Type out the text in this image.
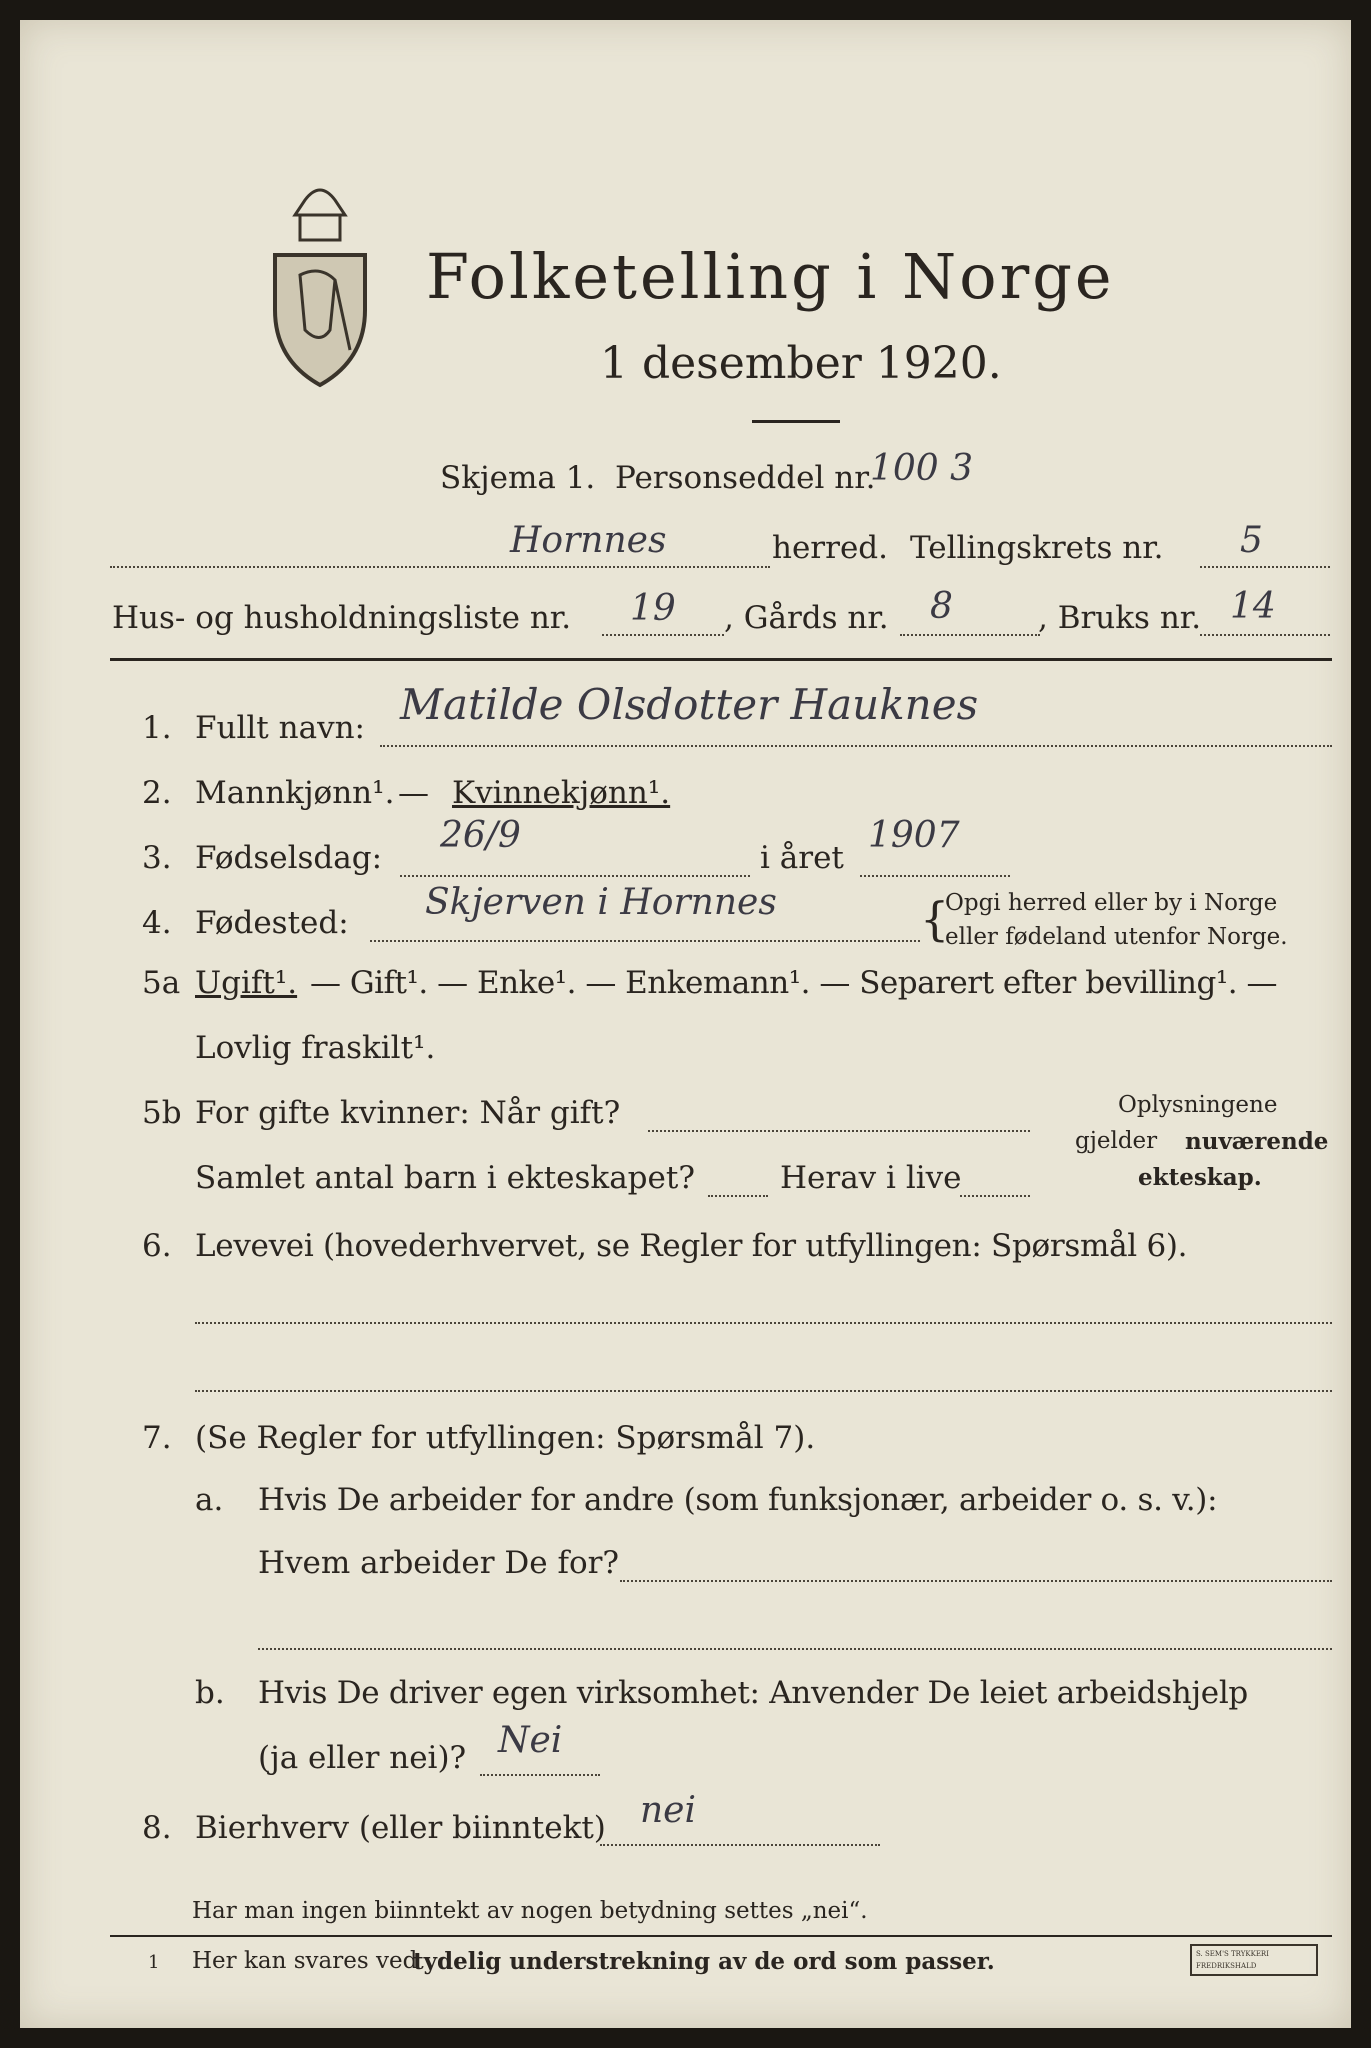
Folketelling i Norge
1 desember 1920.
Skjema 1. Personseddel nr.
100 3
Hornnes	herred. Tellingskrets nr. 5
Hus- og husholdningsliste nr. 19 , Gårds nr. 8	, Bruks nr. 14
1. Fullt navn: Matilde Olsdotter Hauknes
2. Mannkjønn¹. — Kvinnekjønn¹.
3. Fødselsdag:
26/9
i året
1907
4. Fødested: Skjerven i Hornnes	{
Opgi herred eller by i Norge
eller fødeland utenfor Norge.
5a Ugift¹. — Gift¹. — Enke¹. — Enkemann¹. — Separert efter bevilling¹. —
Lovlig fraskilt¹.
5b For gifte kvinner: Når gift?
Samlet antal barn i ekteskapet?	Herav i live
Oplysningene
gjelder nuværende
ekteskap.
6. Levevei (hovederhvervet, se Regler for utfyllingen: Spørsmål 6).
7. (Se Regler for utfyllingen: Spørsmål 7).
a. Hvis De arbeider for andre (som funksjonær, arbeider o. s. v.):
Hvem arbeider De for?
b. Hvis De driver egen virksomhet: Anvender De leiet arbeidshjelp
(ja eller nei)? Nei
8. Bierhverv (eller biinntekt) nei
Har man ingen biinntekt av nogen betydning settes „nei“.
1 Her kan svares ved
tydelig understrekning av de ord som passer.	S. SEM'S TRYKKERI FREDRIKSHALD
